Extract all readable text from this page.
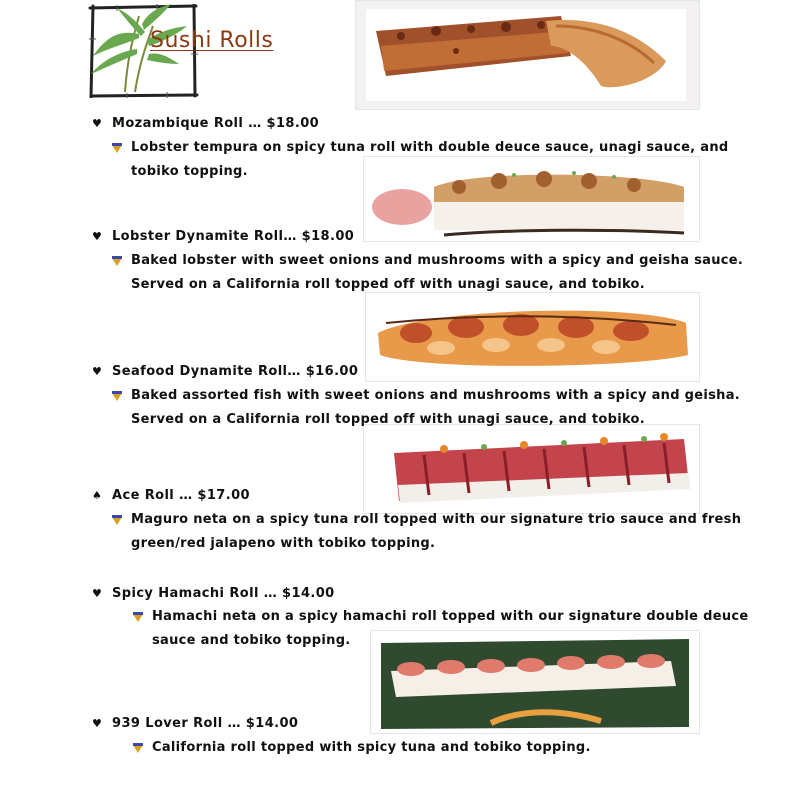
Sushi Rolls
♥ Mozambique Roll … $18.00
Lobster tempura on spicy tuna roll with double deuce sauce, unagi sauce, and
tobiko topping.
♥ Lobster Dynamite Roll… $18.00
Baked lobster with sweet onions and mushrooms with a spicy and geisha sauce.
Served on a California roll topped off with unagi sauce, and tobiko.
♥ Seafood Dynamite Roll… $16.00
Baked assorted fish with sweet onions and mushrooms with a spicy and geisha.
Served on a California roll topped off with unagi sauce, and tobiko.
♠ Ace Roll … $17.00
Maguro neta on a spicy tuna roll topped with our signature trio sauce and fresh
green/red jalapeno with tobiko topping.
♥ Spicy Hamachi Roll … $14.00
Hamachi neta on a spicy hamachi roll topped with our signature double deuce
sauce and tobiko topping.
♥ 939 Lover Roll … $14.00
California roll topped with spicy tuna and tobiko topping.
